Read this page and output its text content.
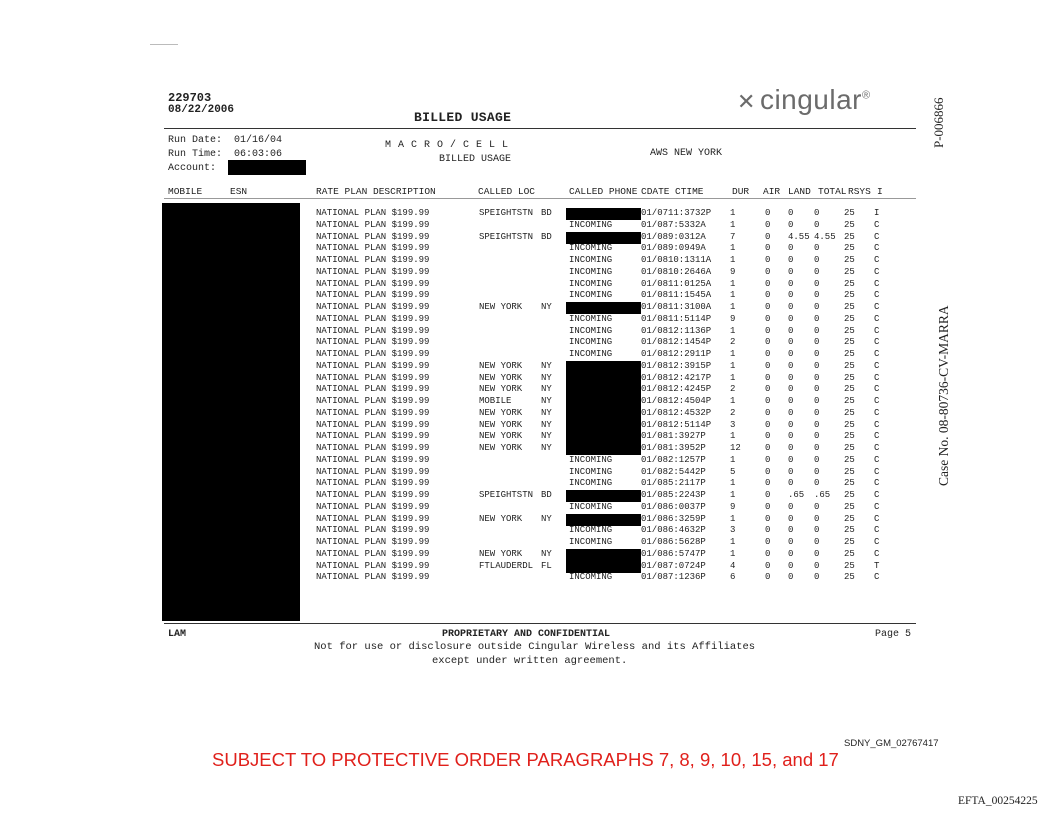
229703
08/22/2006	BILLED USAGE
✕ cingular®
P-006866
Run Date: 01/16/04
Run Time: 06:03:06
Account:
M A C R O / C E L L
BILLED USAGE
AWS NEW YORK
MOBILE	ESN	RATE PLAN DESCRIPTION	CALLED LOC	CALLED PHONE CDATE CTIME	DUR AIR LAND TOTAL RSYS I
NATIONAL PLAN $199.99	SPEIGHTSTN BD	01/07 11:3732P 1	0 0 0	25 I
NATIONAL PLAN $199.99	INCOMING	01/08 7:5332A	1	0 0 0	25 C
NATIONAL PLAN $199.99	SPEIGHTSTN BD	01/08 9:0312A	7	0 4.55 4.55 25 C
NATIONAL PLAN $199.99	INCOMING	01/08 9:0949A	1	0 0 0	25 C
NATIONAL PLAN $199.99	INCOMING	01/08 10:1311A 1	0 0 0	25 C
NATIONAL PLAN $199.99	INCOMING	01/08 10:2646A 9	0 0 0	25 C
NATIONAL PLAN $199.99	INCOMING	01/08 11:0125A 1	0 0 0	25 C
NATIONAL PLAN $199.99	INCOMING	01/08 11:1545A 1	0 0 0	25 C
NATIONAL PLAN $199.99	NEW YORK NY	01/08 11:3100A 1	0 0 0	25 C
NATIONAL PLAN $199.99	INCOMING	01/08 11:5114P 9	0 0 0	25 C
NATIONAL PLAN $199.99	INCOMING	01/08 12:1136P 1	0 0 0	25 C
NATIONAL PLAN $199.99	INCOMING	01/08 12:1454P 2	0 0 0	25 C
NATIONAL PLAN $199.99	INCOMING	01/08 12:2911P 1	0 0 0	25 C
NATIONAL PLAN $199.99	NEW YORK NY	01/08 12:3915P 1	0 0 0	25 C
NATIONAL PLAN $199.99	NEW YORK NY	01/08 12:4217P 1	0 0 0	25 C
NATIONAL PLAN $199.99	NEW YORK NY	01/08 12:4245P 2	0 0 0	25 C
NATIONAL PLAN $199.99	MOBILE	NY	01/08 12:4504P 1	0 0 0	25 C
NATIONAL PLAN $199.99	NEW YORK NY	01/08 12:4532P 2	0 0 0	25 C
NATIONAL PLAN $199.99	NEW YORK NY	01/08 12:5114P 3	0 0 0	25 C
NATIONAL PLAN $199.99	NEW YORK NY	01/08 1:3927P	1	0 0 0	25 C
NATIONAL PLAN $199.99	NEW YORK NY	01/08 1:3952P	12	0 0 0	25 C
NATIONAL PLAN $199.99	INCOMING	01/08 2:1257P	1	0 0 0	25 C
NATIONAL PLAN $199.99	INCOMING	01/08 2:5442P	5	0 0 0	25 C
NATIONAL PLAN $199.99	INCOMING	01/08 5:2117P	1	0 0 0	25 C
NATIONAL PLAN $199.99	SPEIGHTSTN BD	01/08 5:2243P	1	0 .65 .65 25 C
NATIONAL PLAN $199.99	INCOMING	01/08 6:0037P	9	0 0 0	25 C
NATIONAL PLAN $199.99	NEW YORK NY	01/08 6:3259P	1	0 0 0	25 C
NATIONAL PLAN $199.99	INCOMING	01/08 6:4632P	3	0 0 0	25 C
NATIONAL PLAN $199.99	INCOMING	01/08 6:5628P	1	0 0 0	25 C
NATIONAL PLAN $199.99	NEW YORK NY	01/08 6:5747P	1	0 0 0	25 C
NATIONAL PLAN $199.99	FTLAUDERDL FL	01/08 7:0724P	4	0 0 0	25 T
NATIONAL PLAN $199.99	INCOMING	01/08 7:1236P	6	0 0 0	25 C
Case No. 08-80736-CV-MARRA
LAM	PROPRIETARY AND CONFIDENTIAL	Page 5
Not for use or disclosure outside Cingular Wireless and its Affiliates
except under written agreement.
SDNY_GM_02767417
SUBJECT TO PROTECTIVE ORDER PARAGRAPHS 7, 8, 9, 10, 15, and 17
EFTA_00254225
